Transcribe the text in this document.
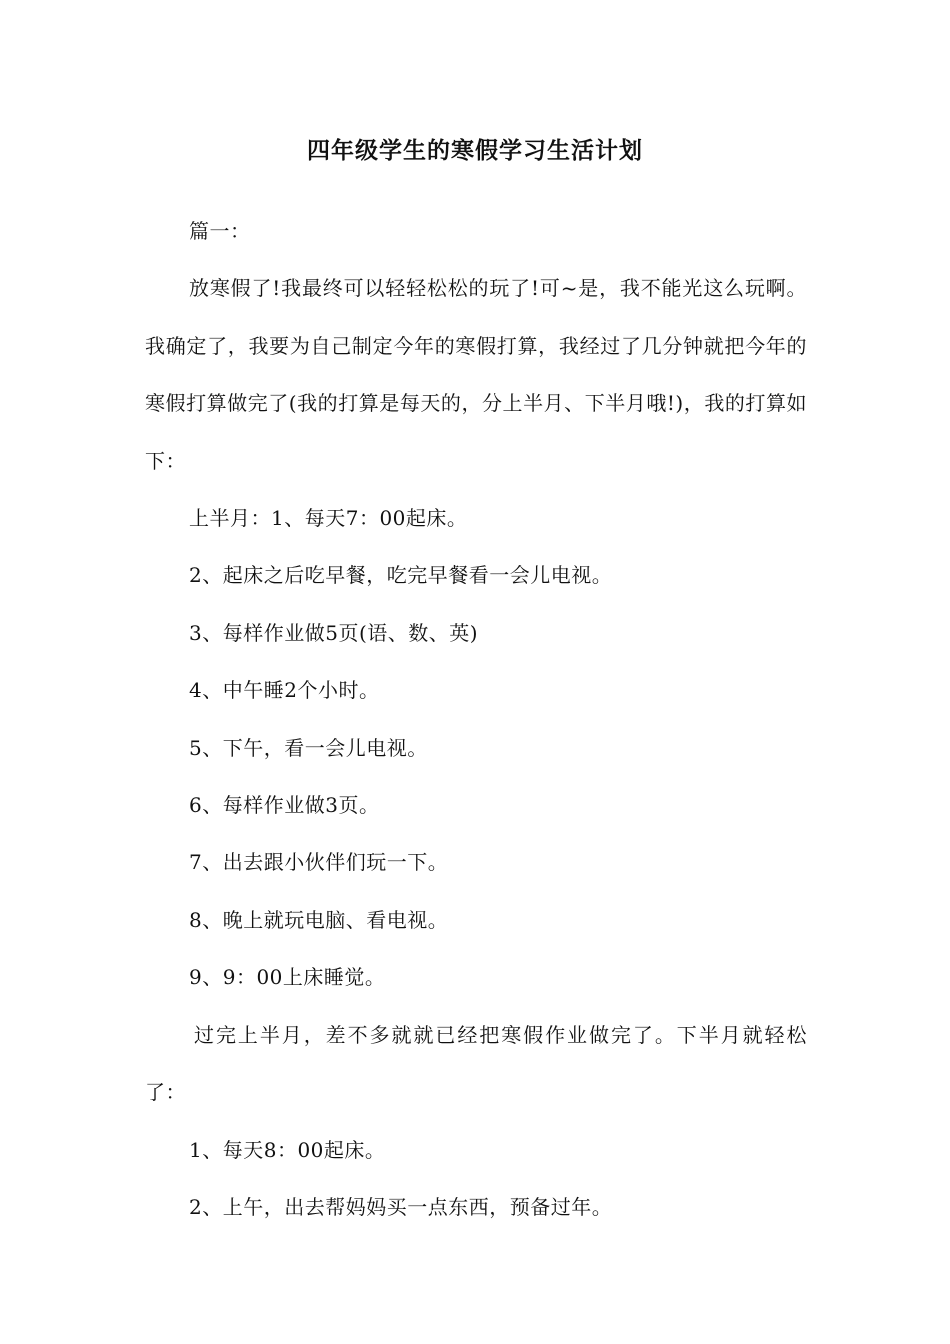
四年级学生的寒假学习生活计划

篇一：

放寒假了!我最终可以轻轻松松的玩了!可~是，我不能光这么玩啊。我确定了，我要为自己制定今年的寒假打算，我经过了几分钟就把今年的寒假打算做完了(我的打算是每天的，分上半月、下半月哦!)，我的打算如下：

上半月：1、每天7：00起床。

2、起床之后吃早餐，吃完早餐看一会儿电视。

3、每样作业做5页(语、数、英)

4、中午睡2个小时。

5、下午，看一会儿电视。

6、每样作业做3页。

7、出去跟小伙伴们玩一下。

8、晚上就玩电脑、看电视。

9、9：00上床睡觉。

过完上半月，差不多就就已经把寒假作业做完了。下半月就轻松了：

1、每天8：00起床。

2、上午，出去帮妈妈买一点东西，预备过年。
